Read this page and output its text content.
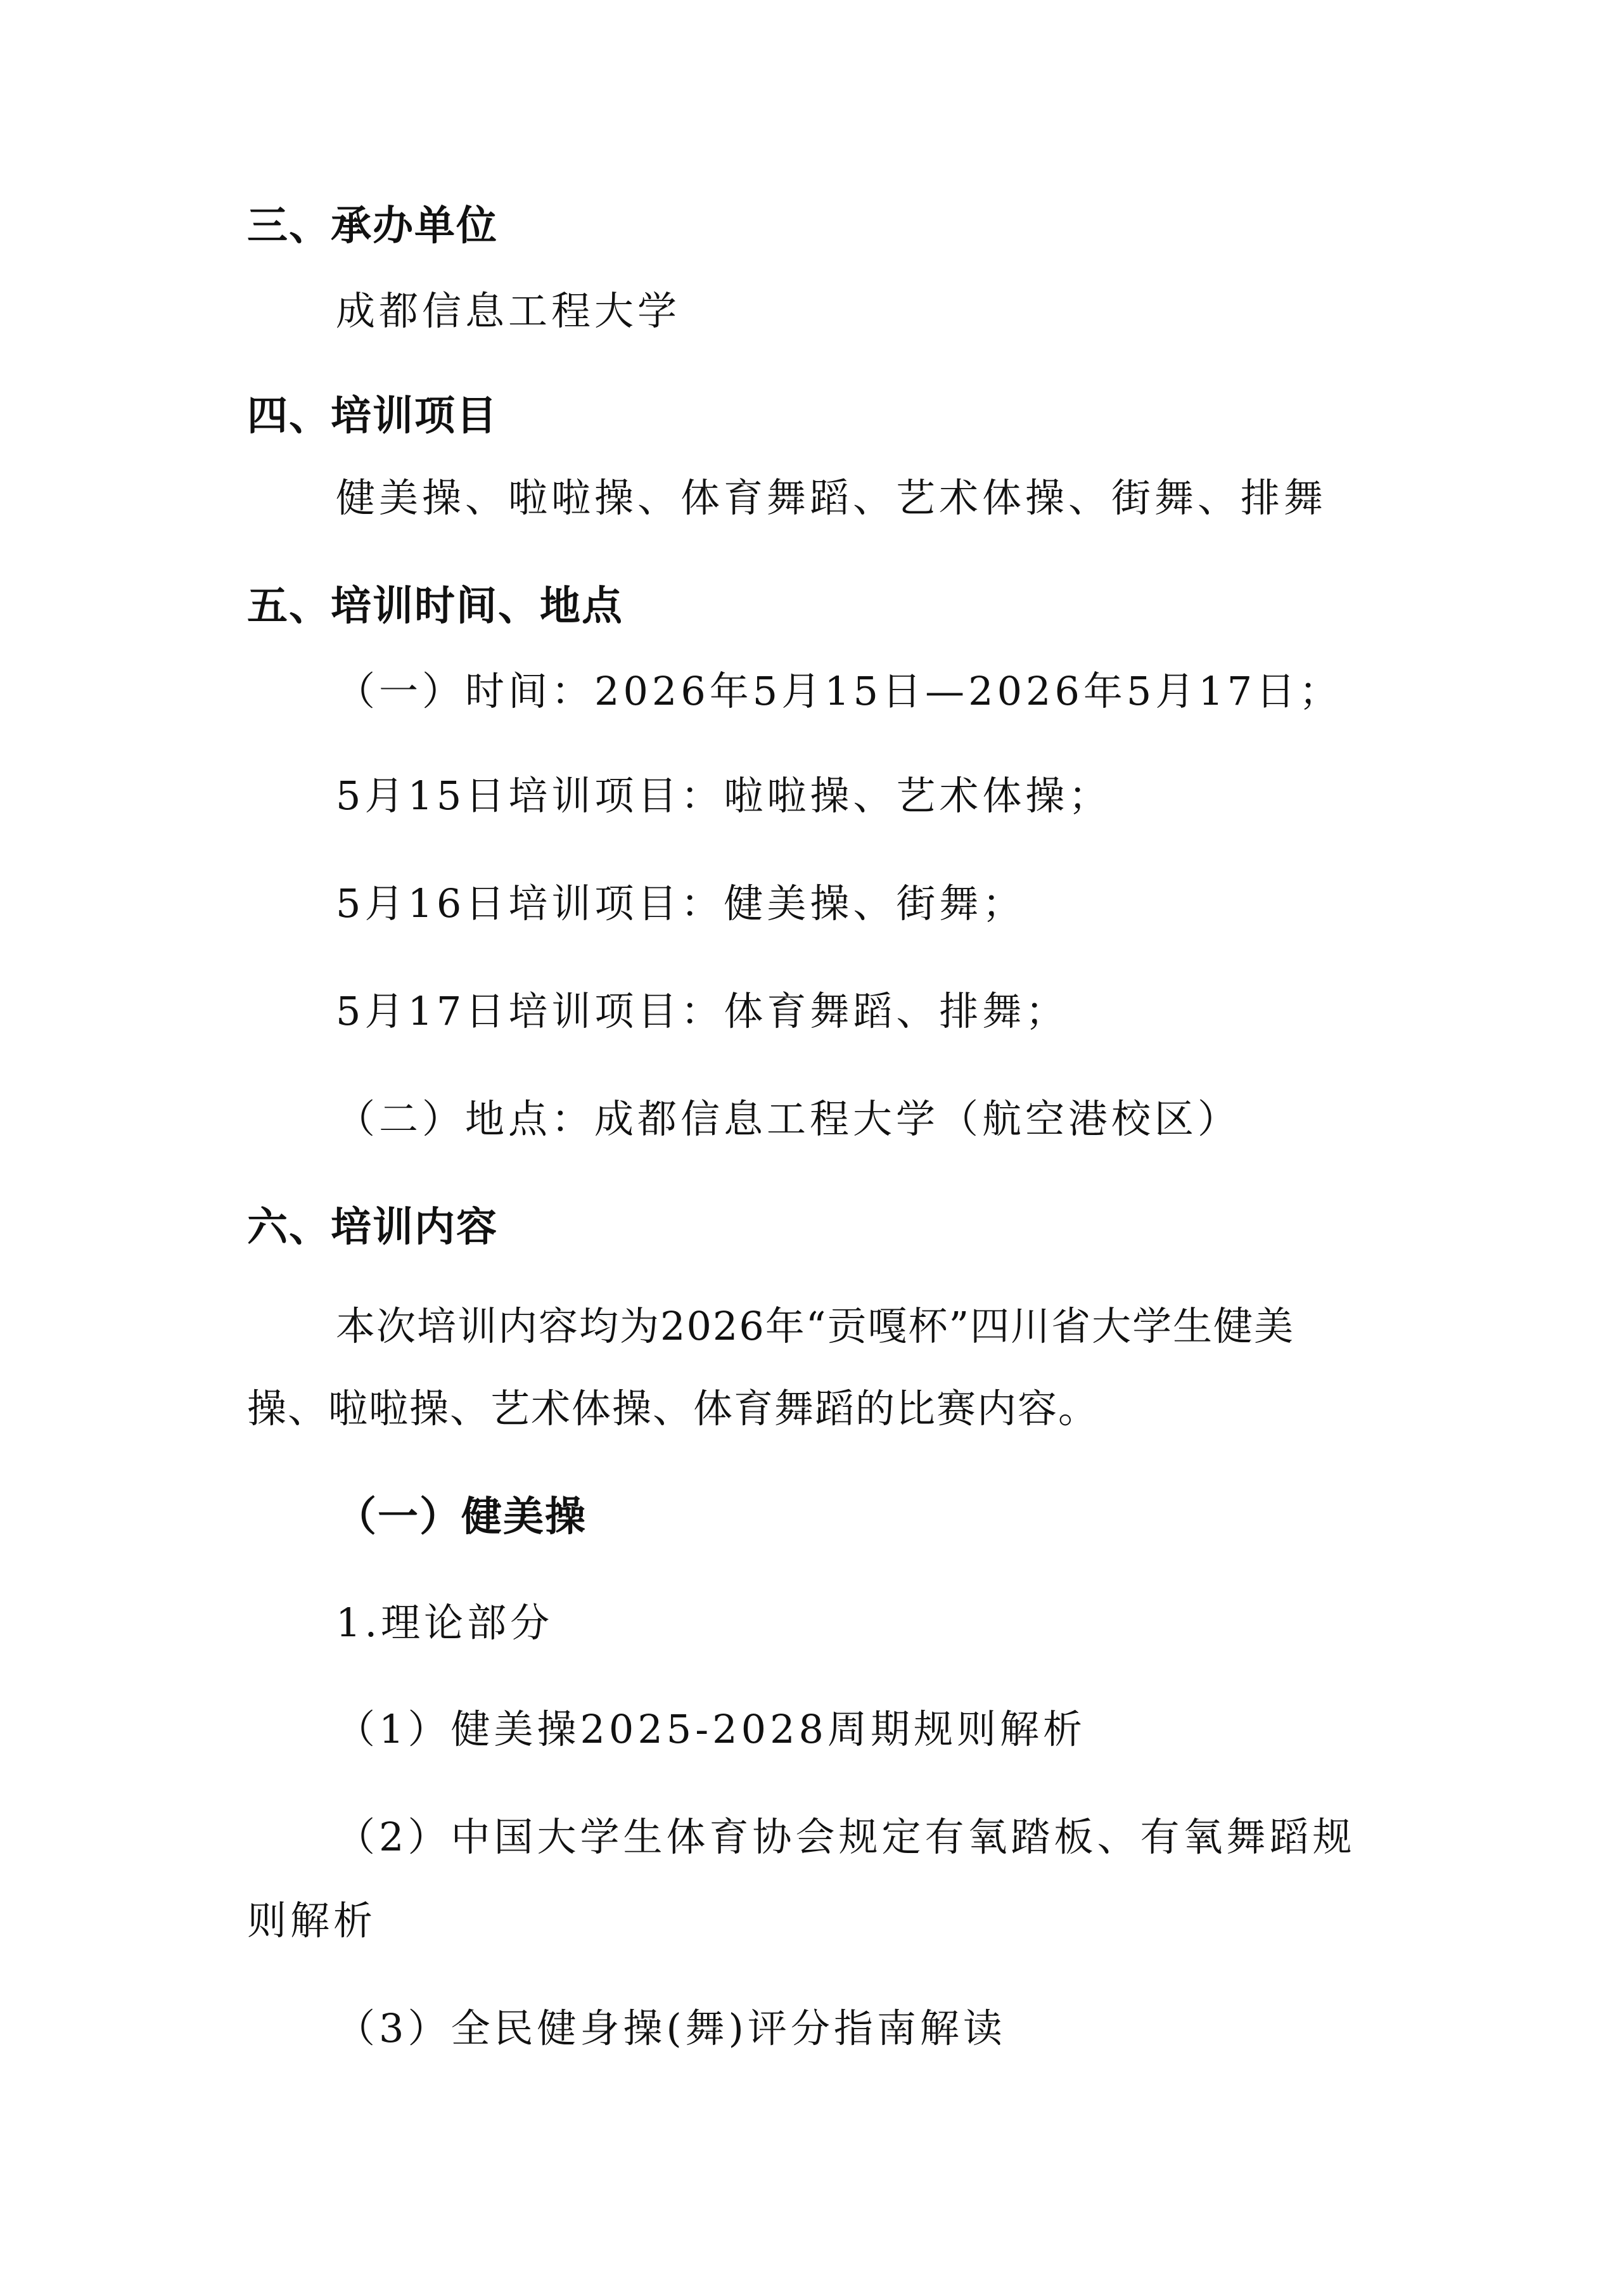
三、承办单位
成都信息工程大学
四、培训项目
健美操、啦啦操、体育舞蹈、艺术体操、街舞、排舞
五、培训时间、地点
（一）时间：2026年5月15日—2026年5月17日；
5月15日培训项目：啦啦操、艺术体操；
5月16日培训项目：健美操、街舞；
5月17日培训项目：体育舞蹈、排舞；
（二）地点：成都信息工程大学（航空港校区）
六、培训内容
本次培训内容均为2026年“贡嘎杯”四川省大学生健美
操、啦啦操、艺术体操、体育舞蹈的比赛内容。
（一）健美操
1.理论部分
（1）健美操2025-2028周期规则解析
（2）中国大学生体育协会规定有氧踏板、有氧舞蹈规
则解析
（3）全民健身操(舞)评分指南解读
